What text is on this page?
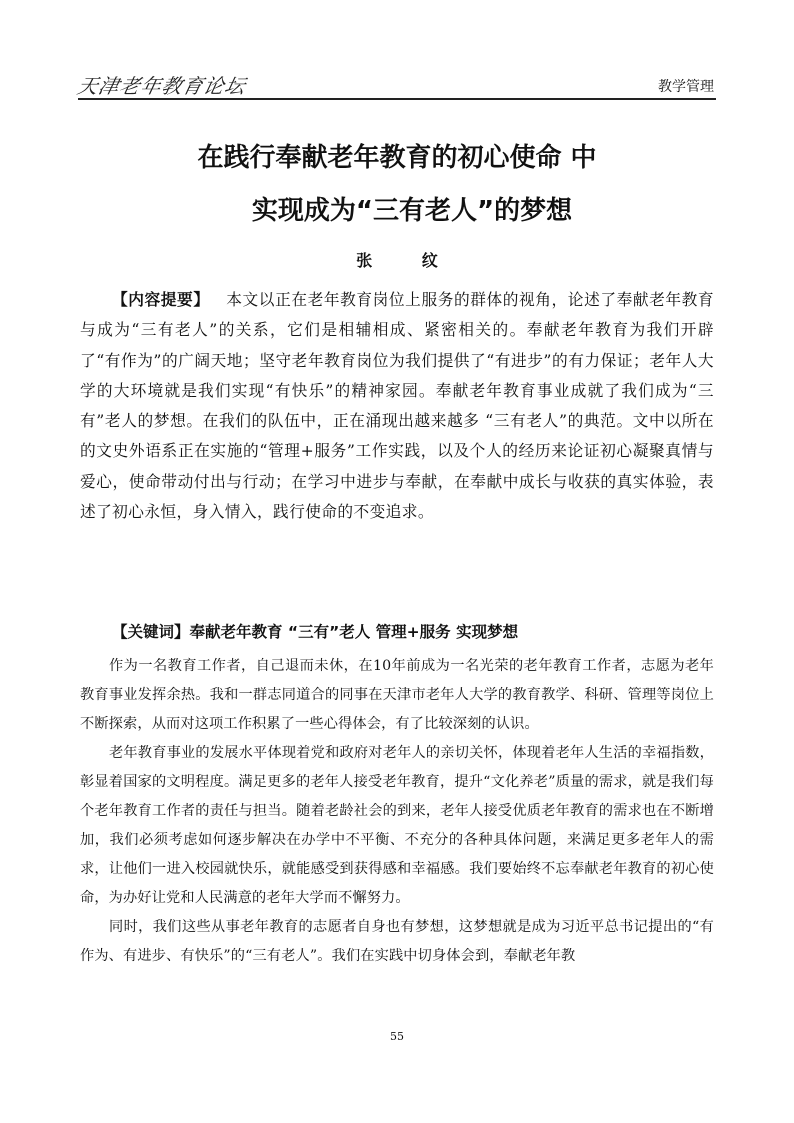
天津老年教育论坛	教学管理
在践行奉献老年教育的初心使命 中
实现成为“三有老人”的梦想
张 纹

【内容提要】 本文以正在老年教育岗位上服务的群体的视角，论述了奉献老年教育与成为“三有老人”的关系，它们是相辅相成、紧密相关的。奉献老年教育为我们开辟了“有作为”的广阔天地；坚守老年教育岗位为我们提供了“有进步”的有力保证；老年人大学的大环境就是我们实现“有快乐”的精神家园。奉献老年教育事业成就了我们成为“三有”老人的梦想。在我们的队伍中，正在涌现出越来越多 “三有老人”的典范。文中以所在的文史外语系正在实施的“管理+服务”工作实践，以及个人的经历来论证初心凝聚真情与爱心，使命带动付出与行动；在学习中进步与奉献，在奉献中成长与收获的真实体验，表述了初心永恒，身入情入，践行使命的不变追求。

【关键词】奉献老年教育 “三有”老人 管理+服务 实现梦想

作为一名教育工作者，自己退而未休，在10年前成为一名光荣的老年教育工作者，志愿为老年教育事业发挥余热。我和一群志同道合的同事在天津市老年人大学的教育教学、科研、管理等岗位上不断探索，从而对这项工作积累了一些心得体会，有了比较深刻的认识。

老年教育事业的发展水平体现着党和政府对老年人的亲切关怀，体现着老年人生活的幸福指数，彰显着国家的文明程度。满足更多的老年人接受老年教育，提升“文化养老”质量的需求，就是我们每个老年教育工作者的责任与担当。随着老龄社会的到来，老年人接受优质老年教育的需求也在不断增加，我们必须考虑如何逐步解决在办学中不平衡、不充分的各种具体问题，来满足更多老年人的需求，让他们一进入校园就快乐，就能感受到获得感和幸福感。我们要始终不忘奉献老年教育的初心使命，为办好让党和人民满意的老年大学而不懈努力。

同时，我们这些从事老年教育的志愿者自身也有梦想，这梦想就是成为习近平总书记提出的“有作为、有进步、有快乐”的“三有老人”。我们在实践中切身体会到，奉献老年教

55
